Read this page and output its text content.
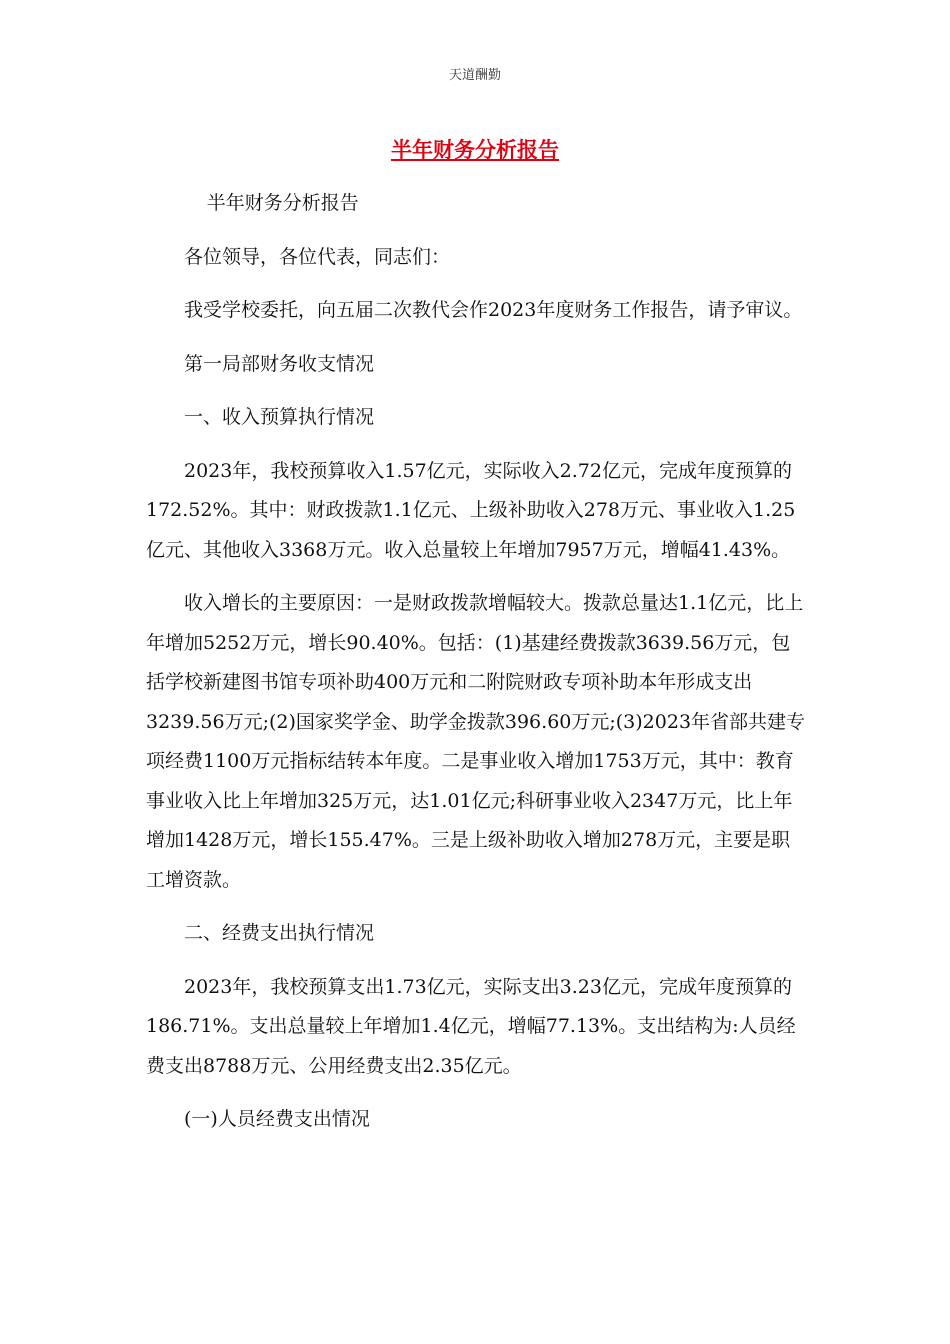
天道酬勤
半年财务分析报告

半年财务分析报告

各位领导，各位代表，同志们：

我受学校委托，向五届二次教代会作2023年度财务工作报告，请予审议。

第一局部财务收支情况

一、收入预算执行情况

2023年，我校预算收入1.57亿元，实际收入2.72亿元，完成年度预算的172.52%。其中：财政拨款1.1亿元、上级补助收入278万元、事业收入1.25亿元、其他收入3368万元。收入总量较上年增加7957万元，增幅41.43%。

收入增长的主要原因：一是财政拨款增幅较大。拨款总量达1.1亿元，比上年增加5252万元，增长90.40%。包括：(1)基建经费拨款3639.56万元，包括学校新建图书馆专项补助400万元和二附院财政专项补助本年形成支出3239.56万元;(2)国家奖学金、助学金拨款396.60万元;(3)2023年省部共建专项经费1100万元指标结转本年度。二是事业收入增加1753万元，其中：教育事业收入比上年增加325万元，达1.01亿元;科研事业收入2347万元，比上年增加1428万元，增长155.47%。三是上级补助收入增加278万元，主要是职工增资款。

二、经费支出执行情况

2023年，我校预算支出1.73亿元，实际支出3.23亿元，完成年度预算的186.71%。支出总量较上年增加1.4亿元，增幅77.13%。支出结构为:人员经费支出8788万元、公用经费支出2.35亿元。

(一)人员经费支出情况
